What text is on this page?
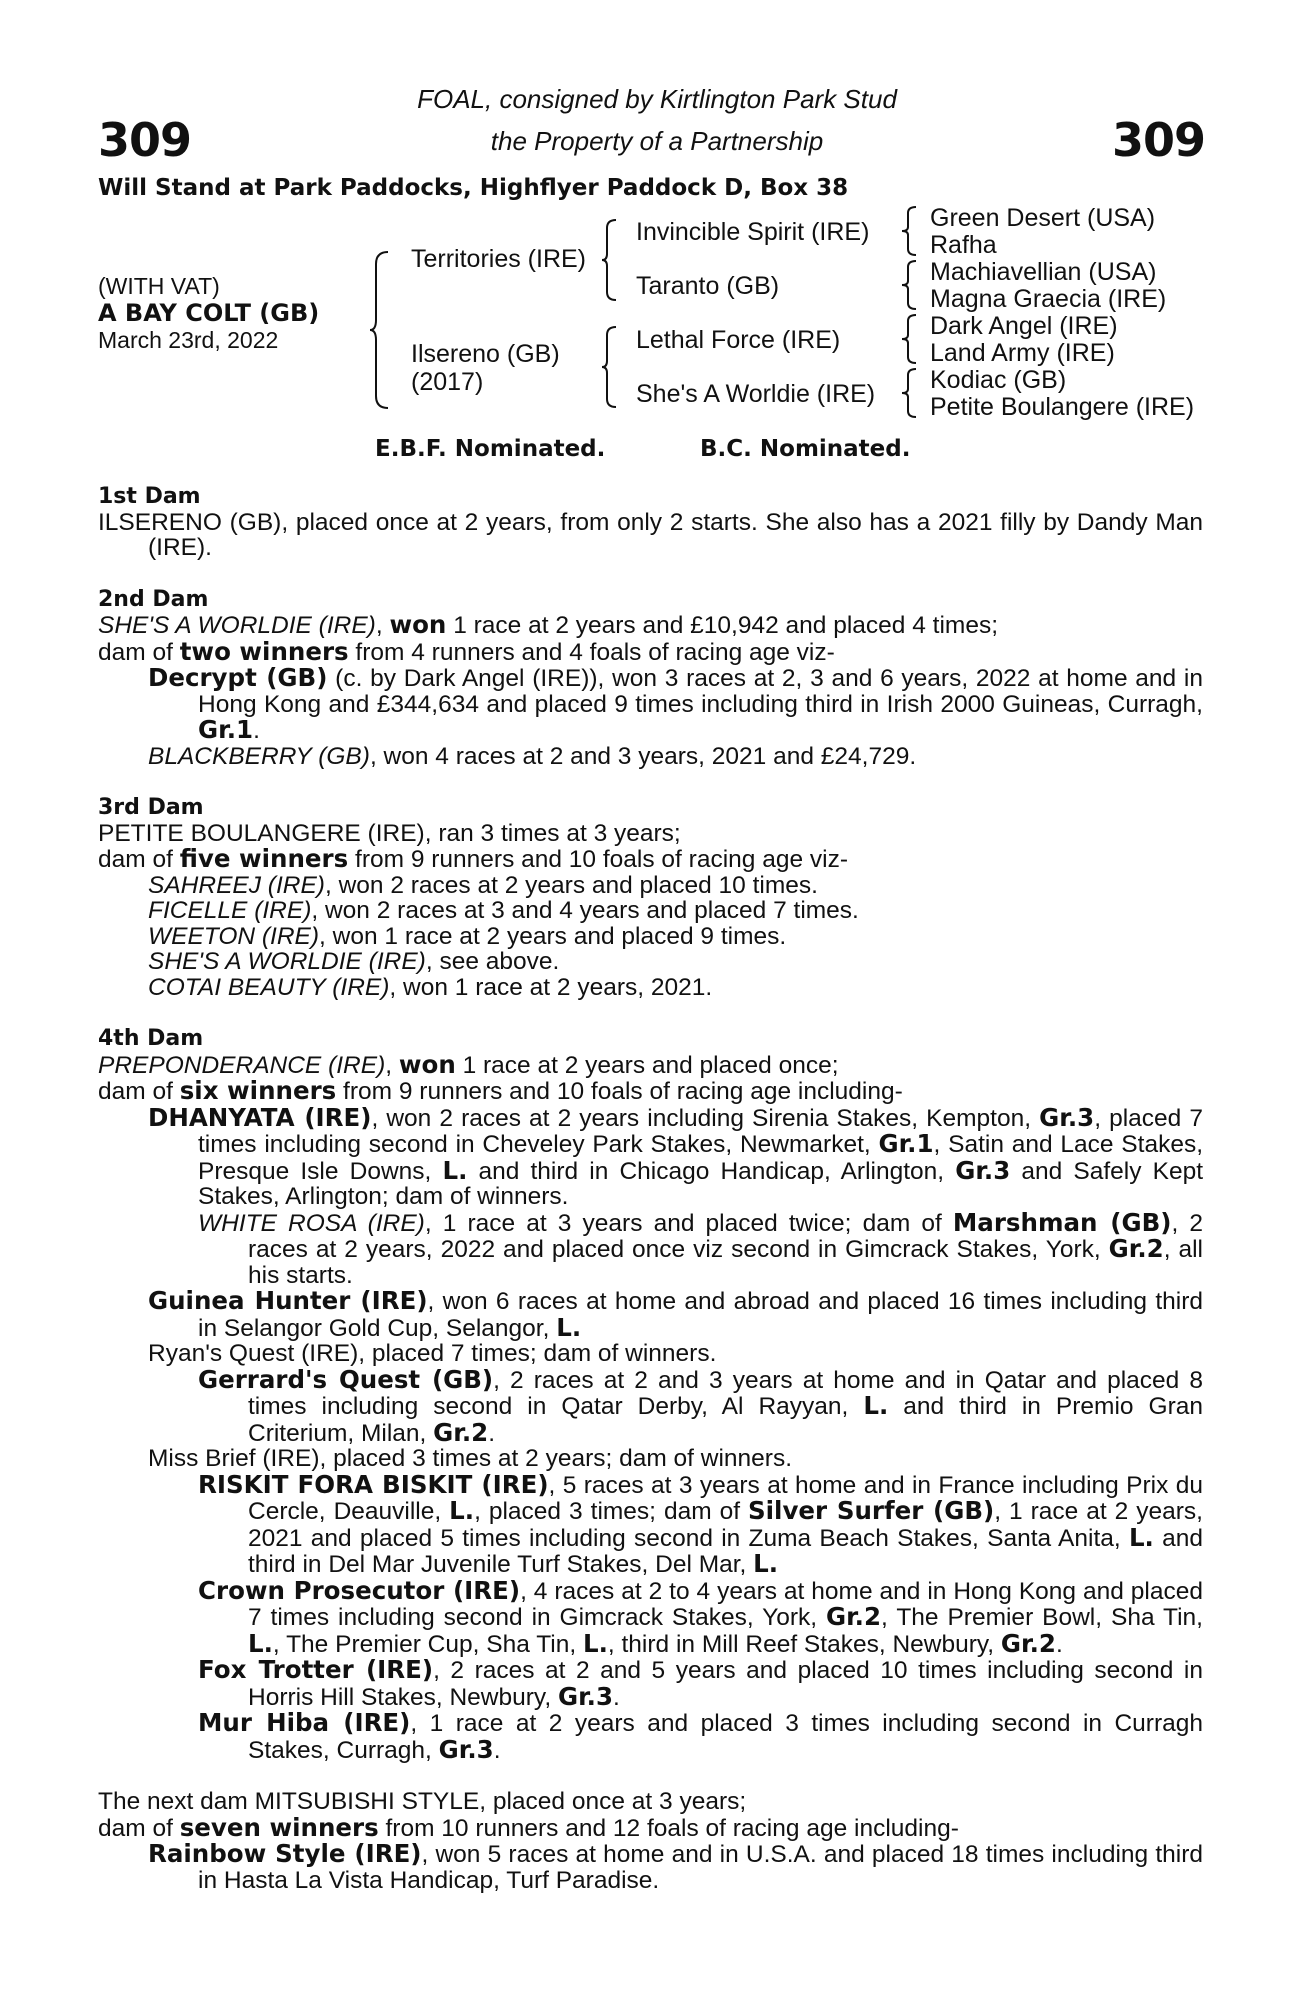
309	309
FOAL, consigned by Kirtlington Park Stud
the Property of a Partnership
Will Stand at Park Paddocks, Highflyer Paddock D, Box 38
(WITH VAT)
A BAY COLT (GB)
March 23rd, 2022
Territories (IRE)
Ilsereno (GB)
(2017)
Invincible Spirit (IRE)
Taranto (GB)
Lethal Force (IRE)
She's A Worldie (IRE)
Green Desert (USA)
Rafha
Machiavellian (USA)
Magna Graecia (IRE)
Dark Angel (IRE)
Land Army (IRE)
Kodiac (GB)
Petite Boulangere (IRE)
E.B.F. Nominated.	B.C. Nominated.

1st Dam

ILSERENO (GB), placed once at 2 years, from only 2 starts. She also has a 2021 filly by Dandy Man (IRE).

2nd Dam

SHE'S A WORLDIE (IRE), won 1 race at 2 years and £10,942 and placed 4 times;

dam of two winners from 4 runners and 4 foals of racing age viz-

Decrypt (GB) (c. by Dark Angel (IRE)), won 3 races at 2, 3 and 6 years, 2022 at home and in Hong Kong and £344,634 and placed 9 times including third in Irish 2000 Guineas, Curragh, Gr.1.

BLACKBERRY (GB), won 4 races at 2 and 3 years, 2021 and £24,729.

3rd Dam

PETITE BOULANGERE (IRE), ran 3 times at 3 years;

dam of five winners from 9 runners and 10 foals of racing age viz-

SAHREEJ (IRE), won 2 races at 2 years and placed 10 times.

FICELLE (IRE), won 2 races at 3 and 4 years and placed 7 times.

WEETON (IRE), won 1 race at 2 years and placed 9 times.

SHE'S A WORLDIE (IRE), see above.

COTAI BEAUTY (IRE), won 1 race at 2 years, 2021.

4th Dam

PREPONDERANCE (IRE), won 1 race at 2 years and placed once;

dam of six winners from 9 runners and 10 foals of racing age including-

DHANYATA (IRE), won 2 races at 2 years including Sirenia Stakes, Kempton, Gr.3, placed 7 times including second in Cheveley Park Stakes, Newmarket, Gr.1, Satin and Lace Stakes, Presque Isle Downs, L. and third in Chicago Handicap, Arlington, Gr.3 and Safely Kept Stakes, Arlington; dam of winners.

WHITE ROSA (IRE), 1 race at 3 years and placed twice; dam of Marshman (GB), 2 races at 2 years, 2022 and placed once viz second in Gimcrack Stakes, York, Gr.2, all his starts.

Guinea Hunter (IRE), won 6 races at home and abroad and placed 16 times including third in Selangor Gold Cup, Selangor, L.

Ryan's Quest (IRE), placed 7 times; dam of winners.

Gerrard's Quest (GB), 2 races at 2 and 3 years at home and in Qatar and placed 8 times including second in Qatar Derby, Al Rayyan, L. and third in Premio Gran Criterium, Milan, Gr.2.

Miss Brief (IRE), placed 3 times at 2 years; dam of winners.

RISKIT FORA BISKIT (IRE), 5 races at 3 years at home and in France including Prix du Cercle, Deauville, L., placed 3 times; dam of Silver Surfer (GB), 1 race at 2 years, 2021 and placed 5 times including second in Zuma Beach Stakes, Santa Anita, L. and third in Del Mar Juvenile Turf Stakes, Del Mar, L.

Crown Prosecutor (IRE), 4 races at 2 to 4 years at home and in Hong Kong and placed 7 times including second in Gimcrack Stakes, York, Gr.2, The Premier Bowl, Sha Tin, L., The Premier Cup, Sha Tin, L., third in Mill Reef Stakes, Newbury, Gr.2.

Fox Trotter (IRE), 2 races at 2 and 5 years and placed 10 times including second in Horris Hill Stakes, Newbury, Gr.3.

Mur Hiba (IRE), 1 race at 2 years and placed 3 times including second in Curragh Stakes, Curragh, Gr.3.

The next dam MITSUBISHI STYLE, placed once at 3 years;

dam of seven winners from 10 runners and 12 foals of racing age including-

Rainbow Style (IRE), won 5 races at home and in U.S.A. and placed 18 times including third in Hasta La Vista Handicap, Turf Paradise.
